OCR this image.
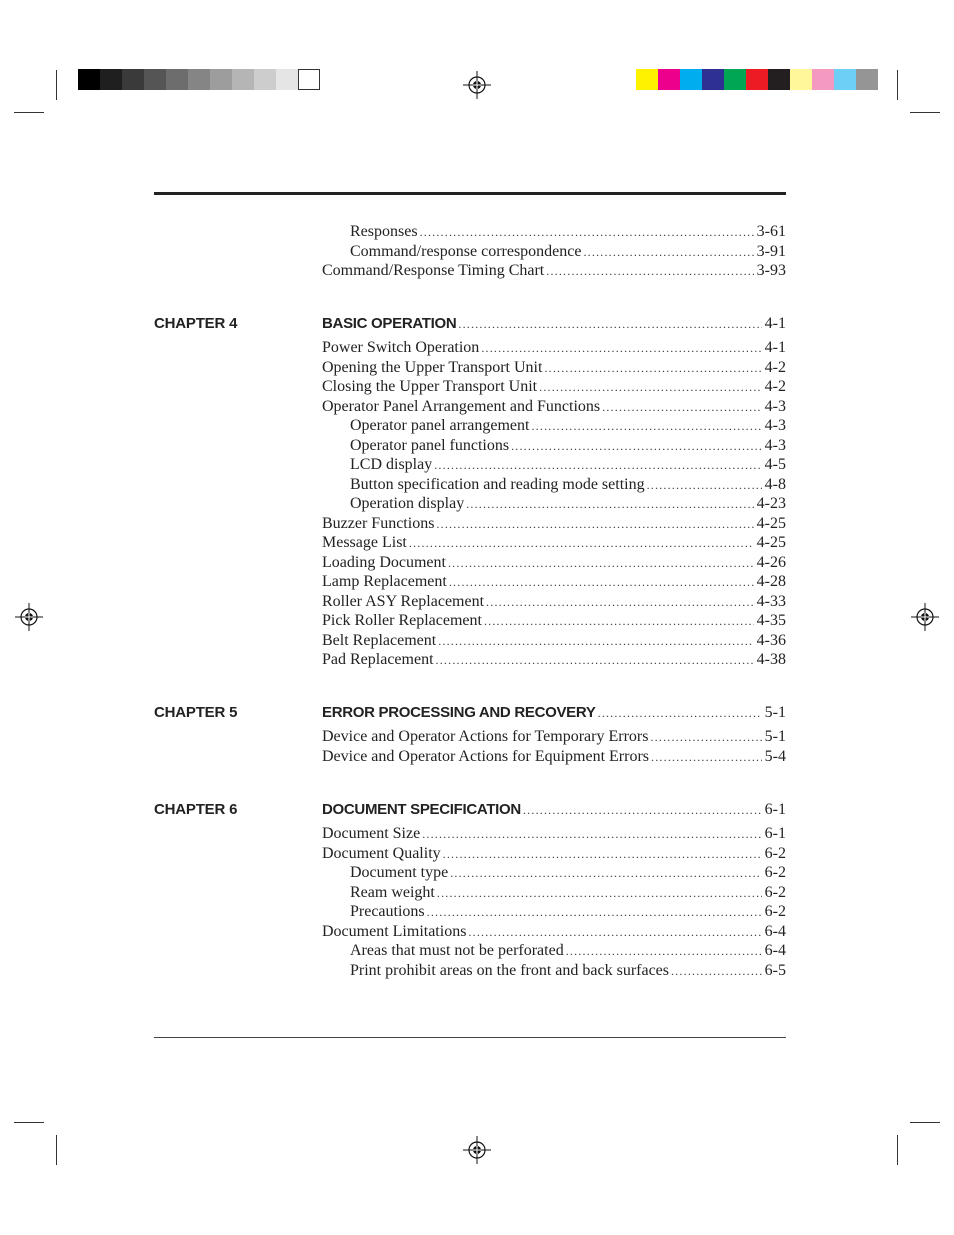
Responses .....	3-61
Command/response correspondence .....	3-91
Command/Response Timing Chart .....	3-93
CHAPTER 4	BASIC OPERATION .....	4-1
Power Switch Operation .....	4-1
Opening the Upper Transport Unit .....	4-2
Closing the Upper Transport Unit .....	4-2
Operator Panel Arrangement and Functions .....	4-3
Operator panel arrangement .....	4-3
Operator panel functions .....	4-3
LCD display .....	4-5
Button specification and reading mode setting .....	4-8
Operation display .....	4-23
Buzzer Functions .....	4-25
Message List .....	4-25
Loading Document .....	4-26
Lamp Replacement .....	4-28
Roller ASY Replacement .....	4-33
Pick Roller Replacement .....	4-35
Belt Replacement .....	4-36
Pad Replacement .....	4-38
CHAPTER 5	ERROR PROCESSING AND RECOVERY .....	5-1
Device and Operator Actions for Temporary Errors .....	5-1
Device and Operator Actions for Equipment Errors .....	5-4
CHAPTER 6	DOCUMENT SPECIFICATION .....	6-1
Document Size .....	6-1
Document Quality .....	6-2
Document type .....	6-2
Ream weight .....	6-2
Precautions .....	6-2
Document Limitations .....	6-4
Areas that must not be perforated .....	6-4
Print prohibit areas on the front and back surfaces .....	6-5
